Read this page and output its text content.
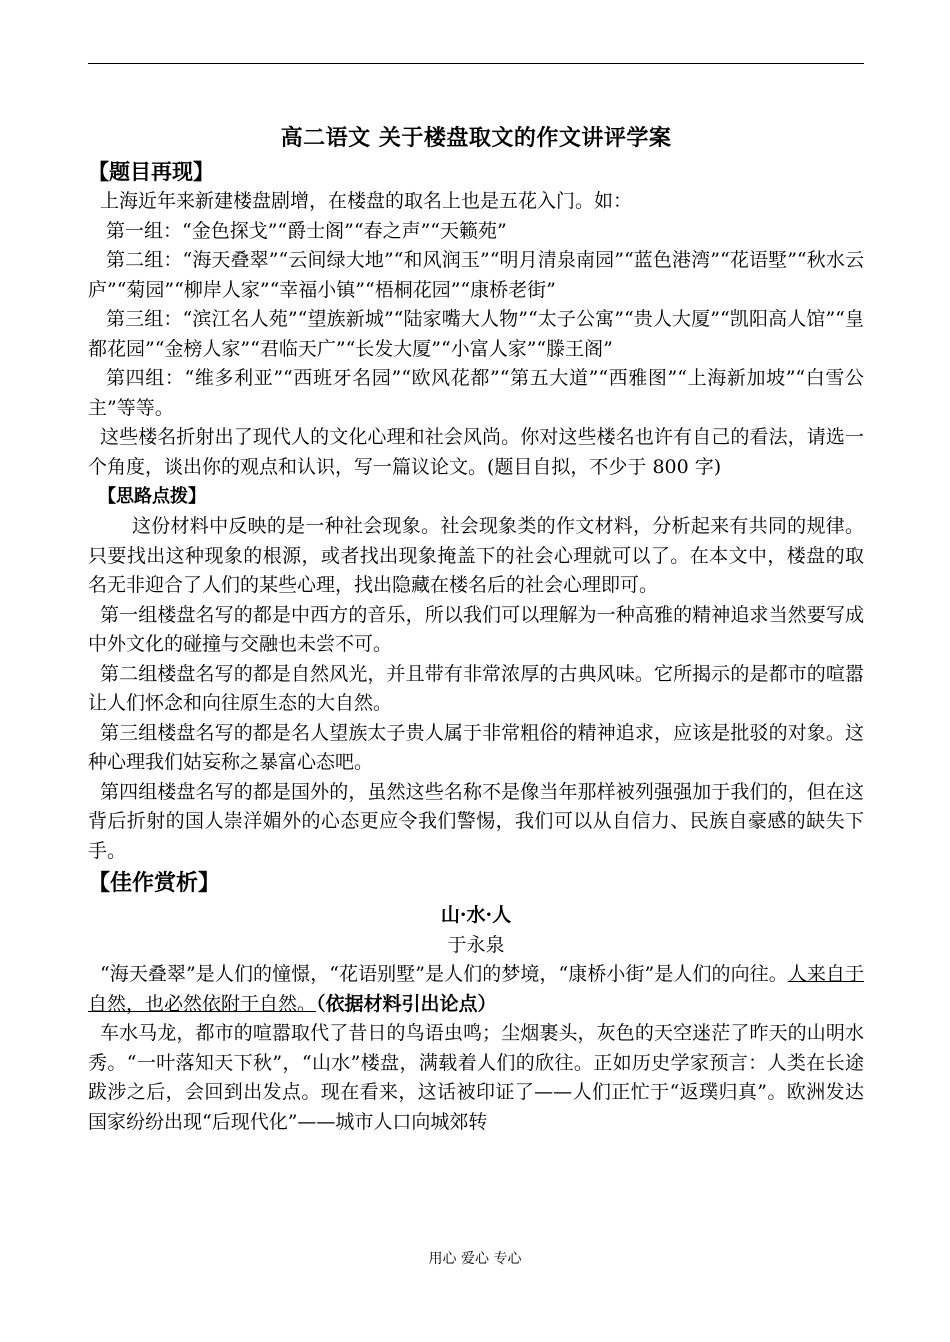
高二语文 关于楼盘取文的作文讲评学案
【题目再现】

上海近年来新建楼盘剧增，在楼盘的取名上也是五花入门。如：

第一组：“金色探戈”“爵士阁”“春之声”“天籁苑”

第二组：“海天叠翠”“云间绿大地”“和风润玉”“明月清泉南园”“蓝色港湾”“花语墅”“秋水云庐”“菊园”“柳岸人家”“幸福小镇”“梧桐花园”“康桥老街”

第三组：“滨江名人苑”“望族新城”“陆家嘴大人物”“太子公寓”“贵人大厦”“凯阳高人馆”“皇都花园”“金榜人家”“君临天广”“长发大厦”“小富人家”“滕王阁”

第四组：“维多利亚”“西班牙名园”“欧风花都”“第五大道”“西雅图”“上海新加坡”“白雪公主”等等。

这些楼名折射出了现代人的文化心理和社会风尚。你对这些楼名也许有自己的看法，请选一个角度，谈出你的观点和认识，写一篇议论文。(题目自拟，不少于 800 字)

【思路点拨】

这份材料中反映的是一种社会现象。社会现象类的作文材料，分析起来有共同的规律。只要找出这种现象的根源，或者找出现象掩盖下的社会心理就可以了。在本文中，楼盘的取名无非迎合了人们的某些心理，找出隐藏在楼名后的社会心理即可。

第一组楼盘名写的都是中西方的音乐，所以我们可以理解为一种高雅的精神追求当然要写成中外文化的碰撞与交融也未尝不可。

第二组楼盘名写的都是自然风光，并且带有非常浓厚的古典风味。它所揭示的是都市的喧嚣让人们怀念和向往原生态的大自然。

第三组楼盘名写的都是名人望族太子贵人属于非常粗俗的精神追求，应该是批驳的对象。这种心理我们姑妄称之暴富心态吧。

第四组楼盘名写的都是国外的，虽然这些名称不是像当年那样被列强强加于我们的，但在这背后折射的国人崇洋媚外的心态更应令我们警惕，我们可以从自信力、民族自豪感的缺失下手。

【佳作赏析】
山·水·人
于永泉

“海天叠翠”是人们的憧憬，“花语别墅”是人们的梦境，“康桥小街”是人们的向往。人来自于自然，也必然依附于自然。（依据材料引出论点）

车水马龙，都市的喧嚣取代了昔日的鸟语虫鸣；尘烟裹头，灰色的天空迷茫了昨天的山明水秀。“一叶落知天下秋”，“山水”楼盘，满载着人们的欣往。正如历史学家预言：人类在长途跋涉之后，会回到出发点。现在看来，这话被印证了——人们正忙于“返璞归真”。欧洲发达国家纷纷出现“后现代化”——城市人口向城郊转

用心 爱心 专心
